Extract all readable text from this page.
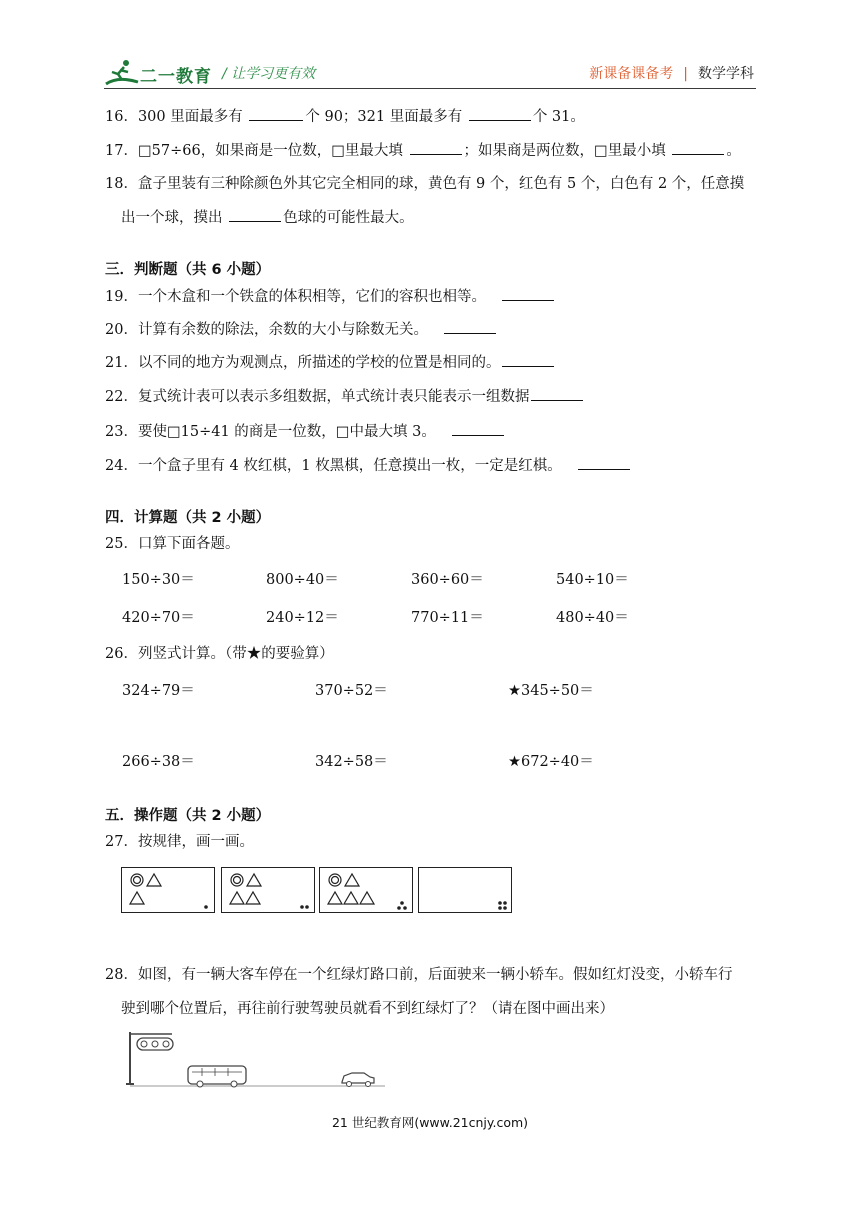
二一教育 / 让学习更有效	新课备课备考 | 数学学科
16．300 里面最多有	个 90；321 里面最多有	个 31。
17．□57÷66，如果商是一位数，□里最大填	；如果商是两位数，□里最小填	。
18．盒子里装有三种除颜色外其它完全相同的球，黄色有 9 个，红色有 5 个，白色有 2 个，任意摸
出一个球，摸出	色球的可能性最大。
三．判断题（共 6 小题）
19．一个木盒和一个铁盒的体积相等，它们的容积也相等。
20．计算有余数的除法，余数的大小与除数无关。
21．以不同的地方为观测点，所描述的学校的位置是相同的。
22．复式统计表可以表示多组数据，单式统计表只能表示一组数据
23．要使□15÷41 的商是一位数，□中最大填 3。
24．一个盒子里有 4 枚红棋，1 枚黑棋，任意摸出一枚，一定是红棋。
四．计算题（共 2 小题）
25．口算下面各题。
150÷30＝	800÷40＝	360÷60＝	540÷10＝
420÷70＝	240÷12＝	770÷11＝	480÷40＝
26．列竖式计算。（带★的要验算）
324÷79＝	370÷52＝	★345÷50＝
266÷38＝	342÷58＝	★672÷40＝
五．操作题（共 2 小题）
27．按规律，画一画。
28．如图，有一辆大客车停在一个红绿灯路口前，后面驶来一辆小轿车。假如红灯没变，小轿车行
驶到哪个位置后，再往前行驶驾驶员就看不到红绿灯了？（请在图中画出来）
21 世纪教育网(www.21cnjy.com)
